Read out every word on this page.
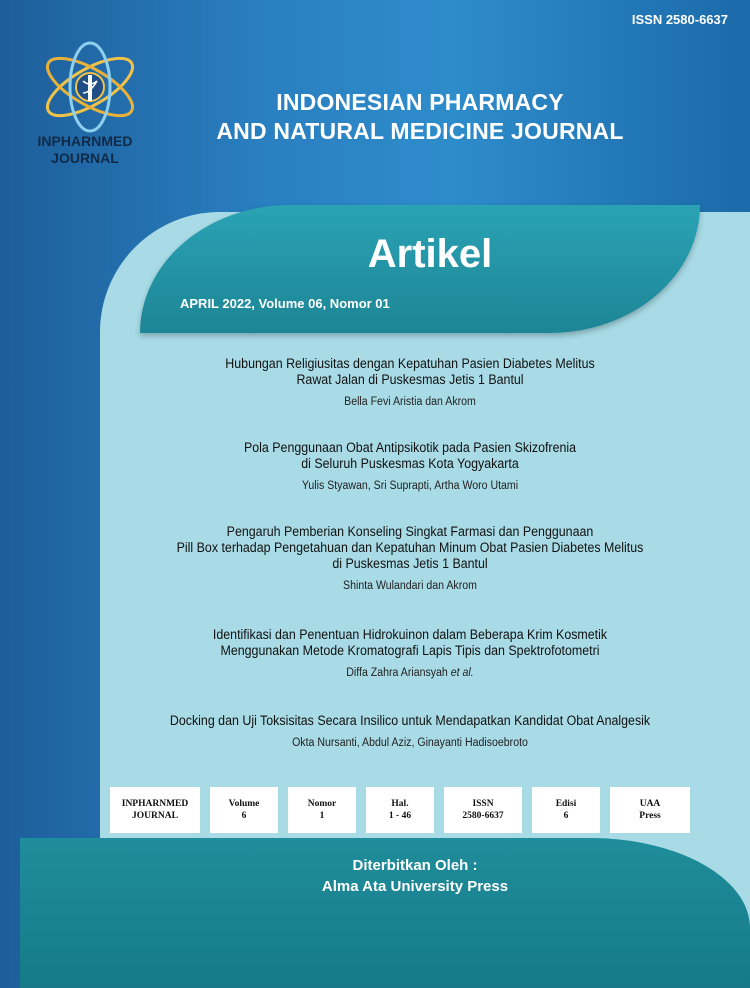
ISSN 2580-6637
INPHARNMED
JOURNAL
INDONESIAN PHARMACY
AND NATURAL MEDICINE JOURNAL
Artikel
APRIL 2022, Volume 06, Nomor 01
Hubungan Religiusitas dengan Kepatuhan Pasien Diabetes Melitus
Rawat Jalan di Puskesmas Jetis 1 Bantul
Bella Fevi Aristia dan Akrom
Pola Penggunaan Obat Antipsikotik pada Pasien Skizofrenia
di Seluruh Puskesmas Kota Yogyakarta
Yulis Styawan, Sri Suprapti, Artha Woro Utami
Pengaruh Pemberian Konseling Singkat Farmasi dan Penggunaan
Pill Box terhadap Pengetahuan dan Kepatuhan Minum Obat Pasien Diabetes Melitus
di Puskesmas Jetis 1 Bantul
Shinta Wulandari dan Akrom
Identifikasi dan Penentuan Hidrokuinon dalam Beberapa Krim Kosmetik
Menggunakan Metode Kromatografi Lapis Tipis dan Spektrofotometri
Diffa Zahra Ariansyah et al.
Docking dan Uji Toksisitas Secara Insilico untuk Mendapatkan Kandidat Obat Analgesik
Okta Nursanti, Abdul Aziz, Ginayanti Hadisoebroto
INPHARNMED
JOURNAL
Volume
6
Nomor
1
Hal.
1 - 46
ISSN
2580-6637
Edisi
6
UAA
Press
Diterbitkan Oleh :
Alma Ata University Press
